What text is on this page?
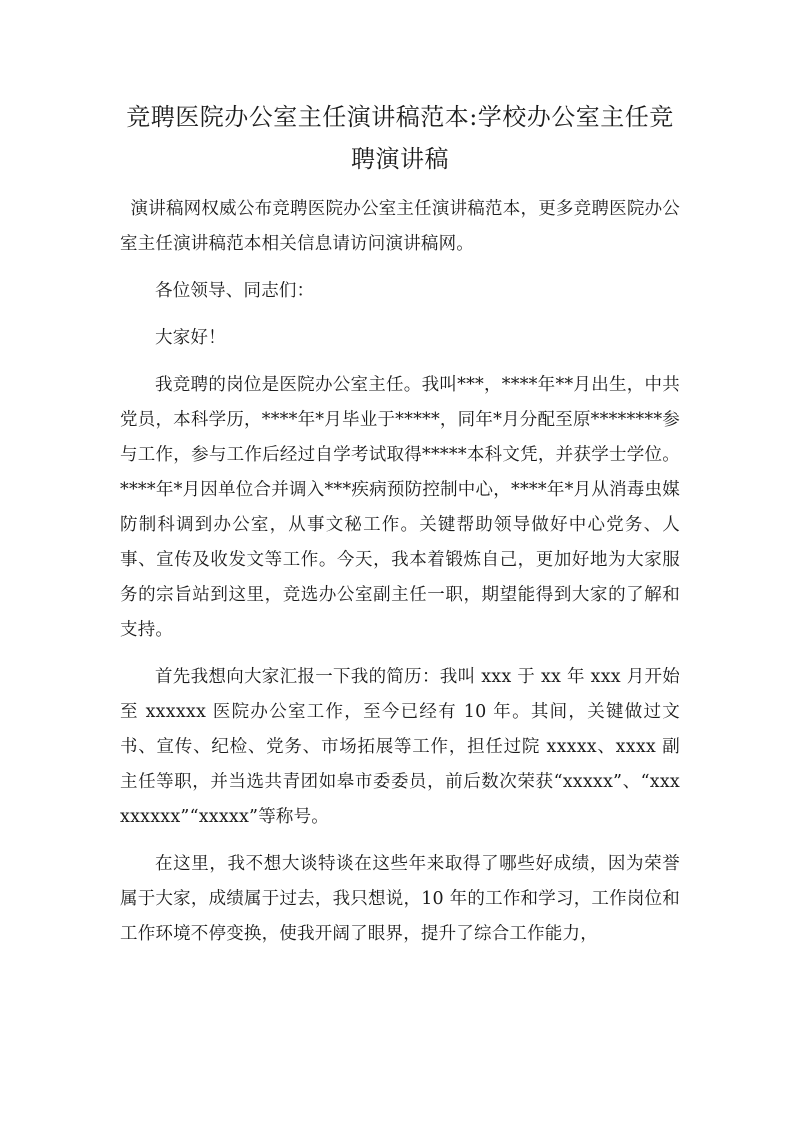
竞聘医院办公室主任演讲稿范本:学校办公室主任竞聘演讲稿

演讲稿网权威公布竞聘医院办公室主任演讲稿范本，更多竞聘医院办公室主任演讲稿范本相关信息请访问演讲稿网。

各位领导、同志们：

大家好！

我竞聘的岗位是医院办公室主任。我叫***，****年**月出生，中共党员，本科学历，****年*月毕业于*****，同年*月分配至原********参与工作，参与工作后经过自学考试取得*****本科文凭，并获学士学位。****年*月因单位合并调入***疾病预防控制中心，****年*月从消毒虫媒防制科调到办公室，从事文秘工作。关键帮助领导做好中心党务、人事、宣传及收发文等工作。今天，我本着锻炼自己，更加好地为大家服务的宗旨站到这里，竞选办公室副主任一职，期望能得到大家的了解和支持。

首先我想向大家汇报一下我的简历：我叫 xxx 于 xx 年 xxx 月开始至 xxxxxx 医院办公室工作，至今已经有 10 年。其间，关键做过文书、宣传、纪检、党务、市场拓展等工作，担任过院 xxxxx、xxxx 副主任等职，并当选共青团如皋市委委员，前后数次荣获“xxxxx”、“xxxxxxxxx”“xxxxx”等称号。

在这里，我不想大谈特谈在这些年来取得了哪些好成绩，因为荣誉属于大家，成绩属于过去，我只想说，10 年的工作和学习，工作岗位和工作环境不停变换，使我开阔了眼界，提升了综合工作能力，
